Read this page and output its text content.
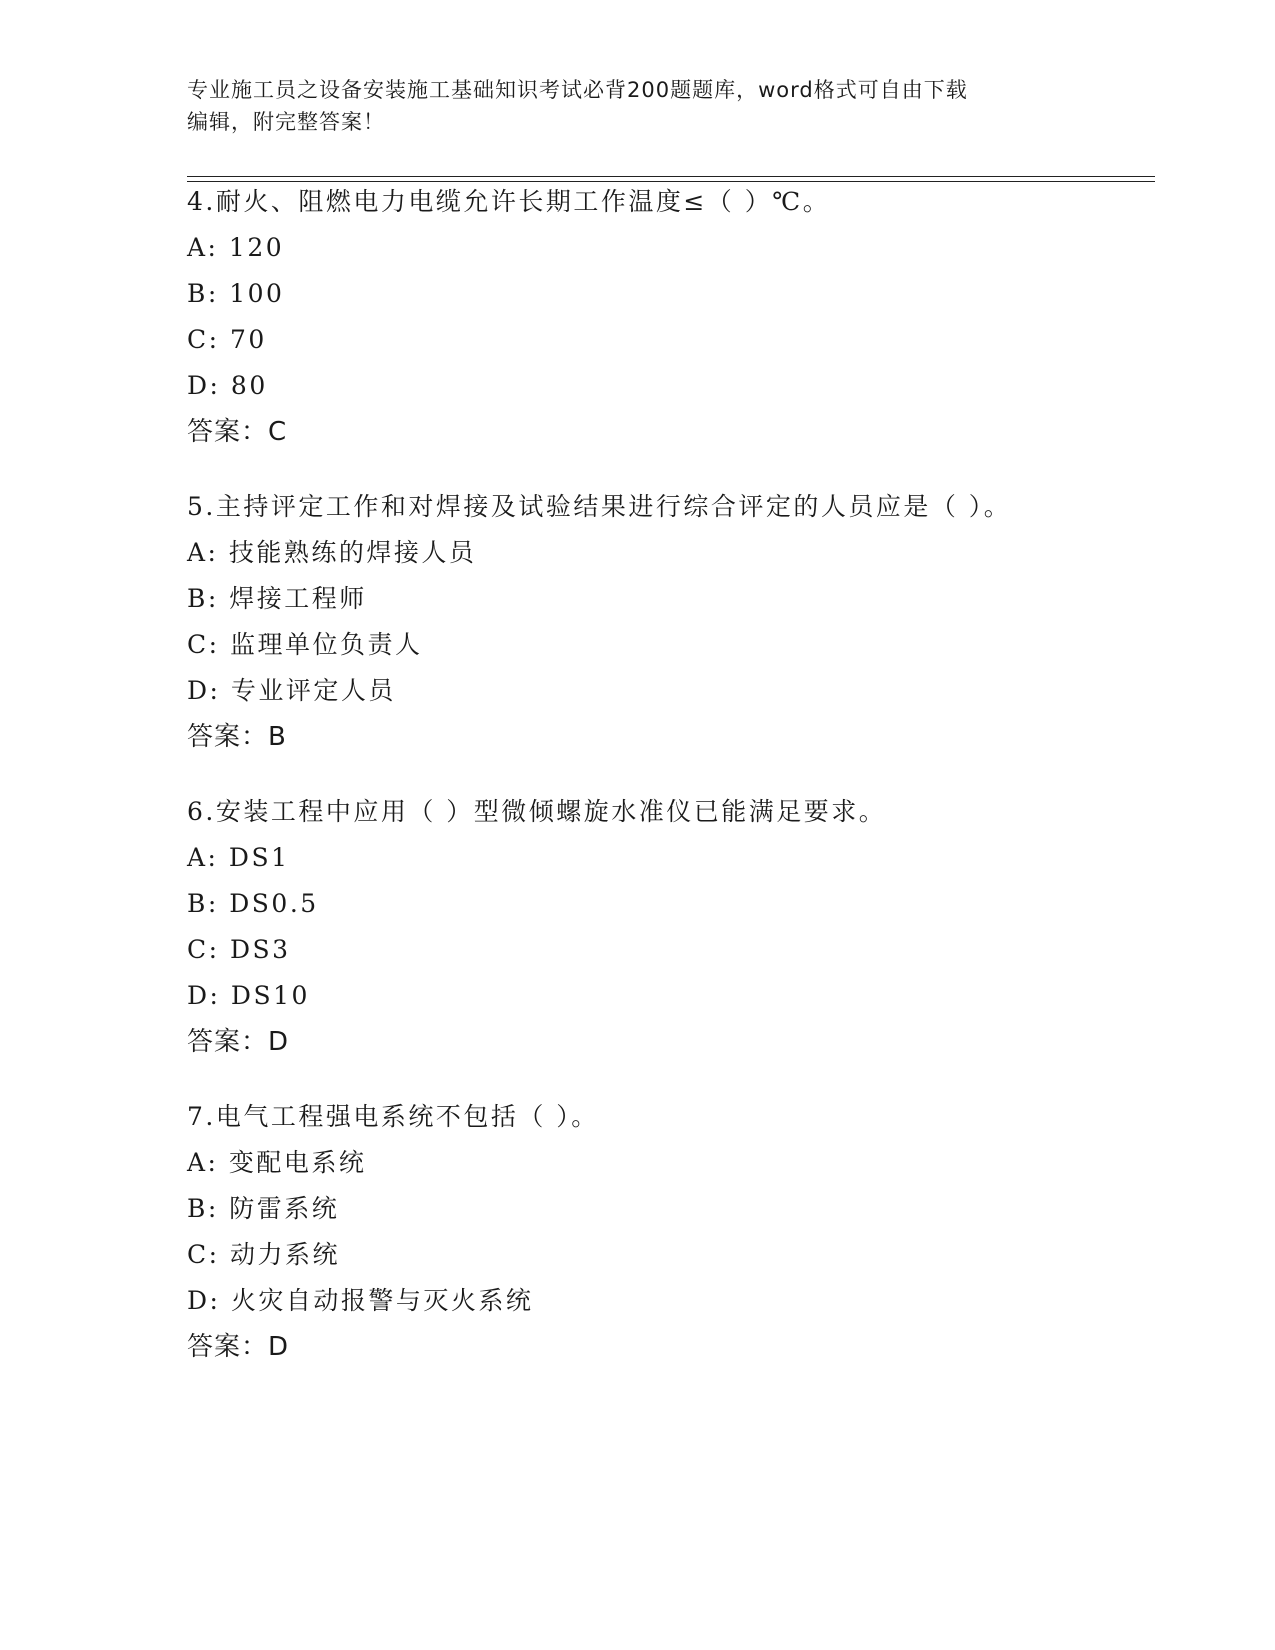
专业施工员之设备安装施工基础知识考试必背200题题库，word格式可自由下载
编辑，附完整答案！
4.耐火、阻燃电力电缆允许长期工作温度≤（ ）℃。
A: 120
B: 100
C: 70
D: 80
答案：C
5.主持评定工作和对焊接及试验结果进行综合评定的人员应是（ ）。
A: 技能熟练的焊接人员
B: 焊接工程师
C: 监理单位负责人
D: 专业评定人员
答案：B
6.安装工程中应用（ ）型微倾螺旋水准仪已能满足要求。
A: DS1
B: DS0.5
C: DS3
D: DS10
答案：D
7.电气工程强电系统不包括（ ）。
A: 变配电系统
B: 防雷系统
C: 动力系统
D: 火灾自动报警与灭火系统
答案：D
